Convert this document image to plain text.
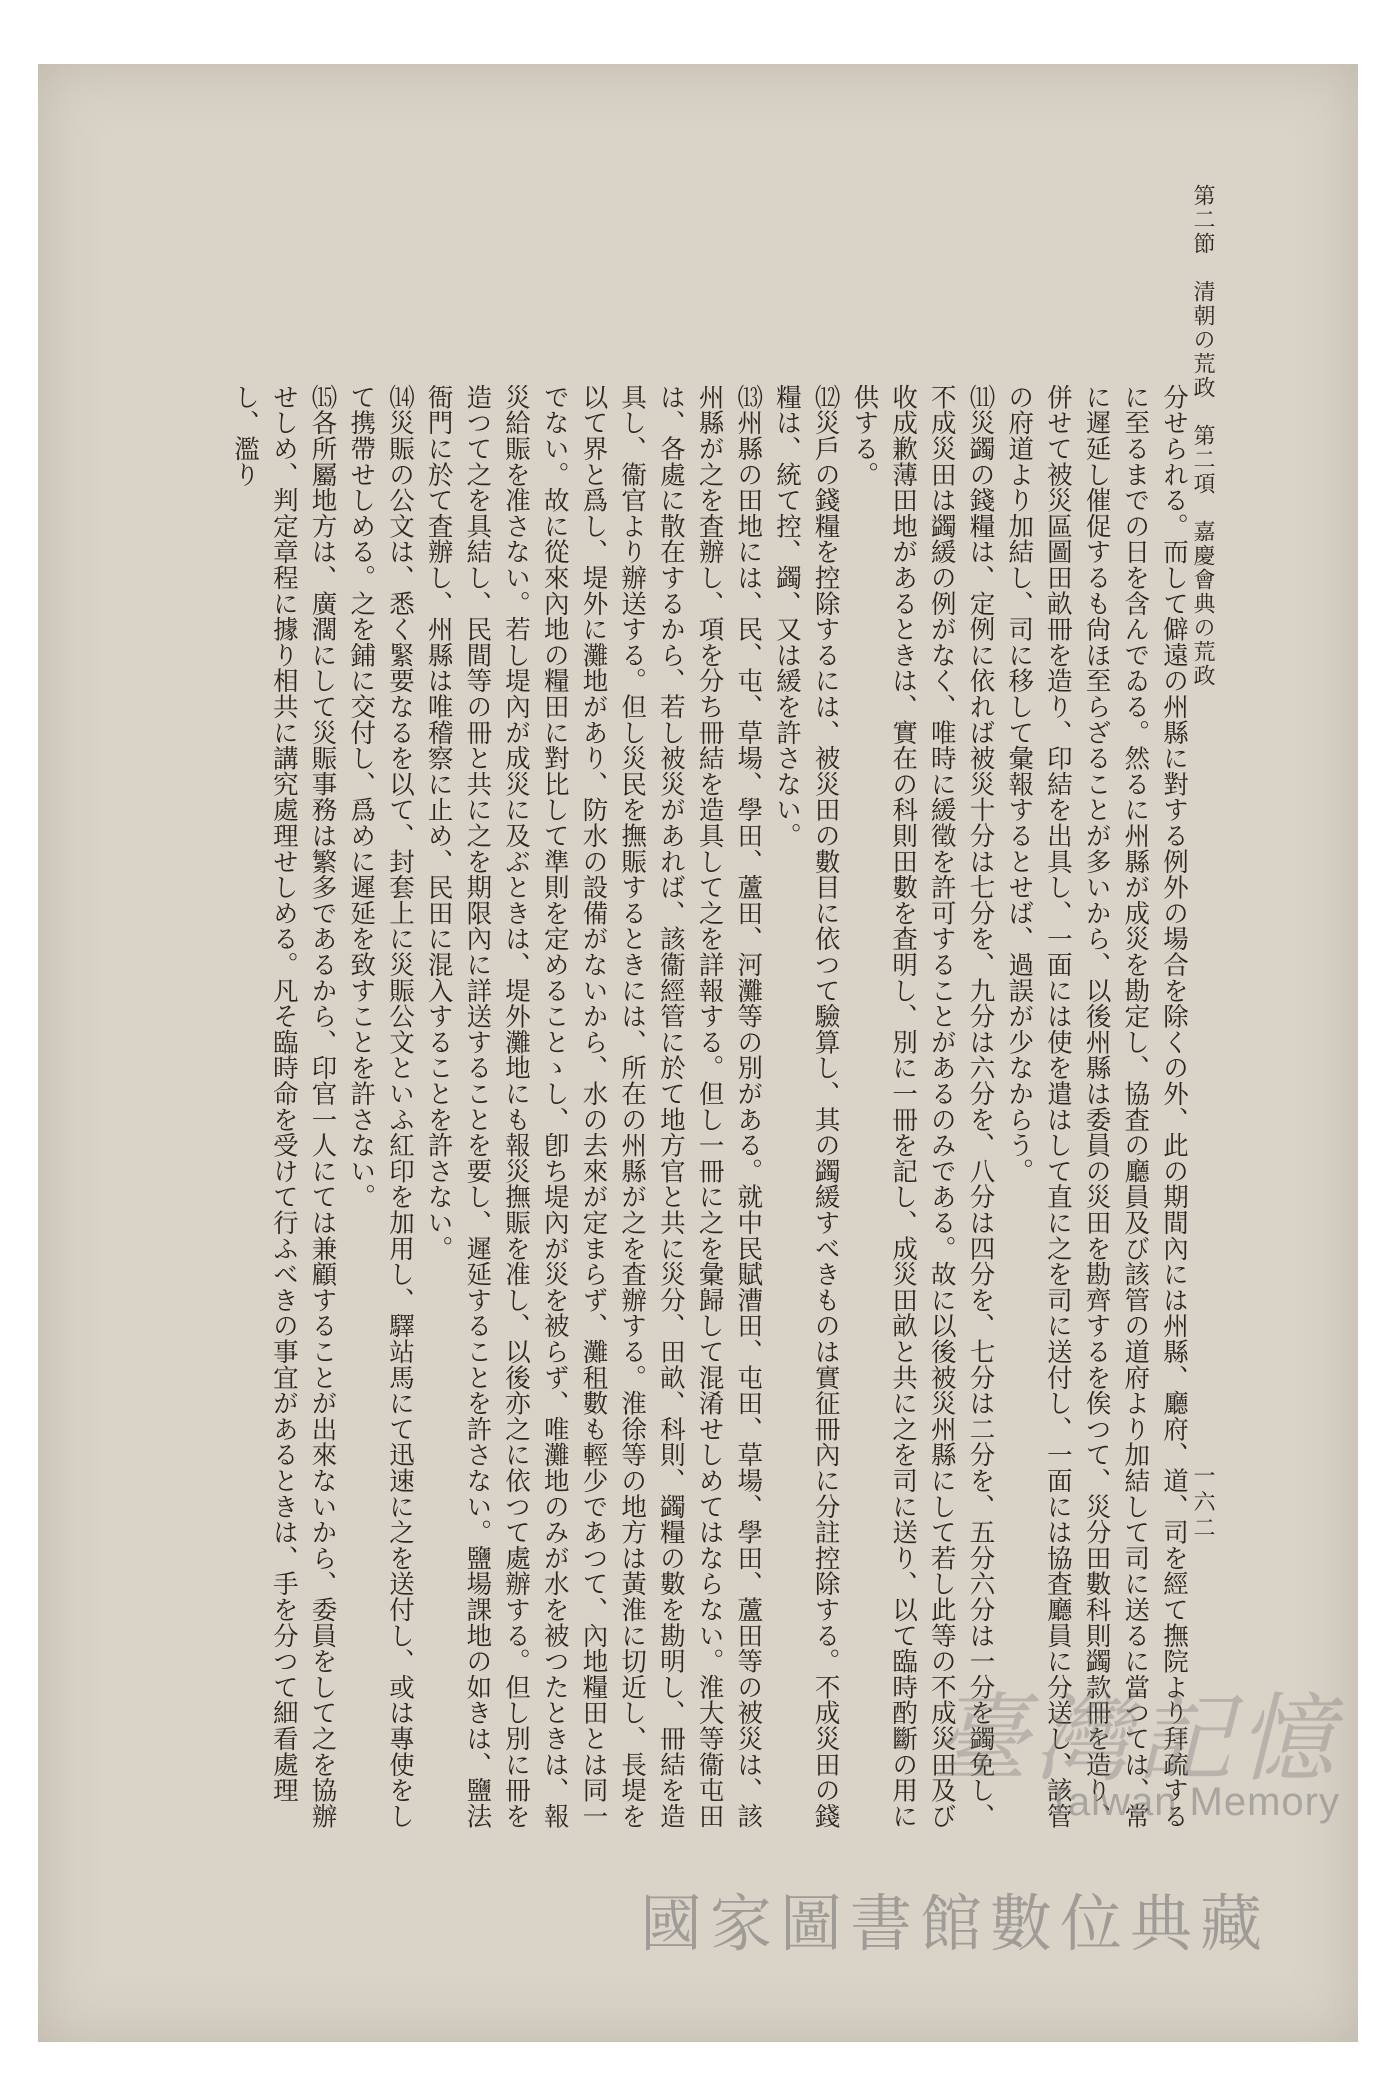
第二節　清朝の荒政　第二項　嘉慶會典の荒政
一六二

分せられる。而して僻遠の州縣に對する例外の場合を除くの外、此の期間內には州縣、廳府、道、司を經て撫院より拜疏するに至るまでの日を含んでゐる。然るに州縣が成災を勘定し、協査の廳員及び該管の道府より加結して司に送るに當つては、常に遲延し催促するも尙ほ至らざることが多いから、以後州縣は委員の災田を勘齊するを俟つて、災分田數科則蠲款冊を造り、併せて被災區圖田畝冊を造り、印結を出具し、一面には使を遣はして直に之を司に送付し、一面には協査廳員に分送し、該管の府道より加結し、司に移して彙報するとせば、過誤が少なからう。

⑾災蠲の錢糧は、定例に依れば被災十分は七分を、九分は六分を、八分は四分を、七分は二分を、五分六分は一分を蠲免し、不成災田は蠲緩の例がなく、唯時に緩徵を許可することがあるのみである。故に以後被災州縣にして若し此等の不成災田及び收成歉薄田地があるときは、實在の科則田數を査明し、別に一冊を記し、成災田畝と共に之を司に送り、以て臨時酌斷の用に供する。

⑿災戶の錢糧を控除するには、被災田の數目に依つて驗算し、其の蠲緩すべきものは實征冊內に分註控除する。不成災田の錢糧は、統て控、蠲、又は緩を許さない。

⒀州縣の田地には、民、屯、草場、學田、蘆田、河灘等の別がある。就中民賦漕田、屯田、草場、學田、蘆田等の被災は、該州縣が之を査辦し、項を分ち冊結を造具して之を詳報する。但し一冊に之を彙歸して混淆せしめてはならない。淮大等衞屯田は、各處に散在するから、若し被災があれば、該衞經管に於て地方官と共に災分、田畝、科則、蠲糧の數を勘明し、冊結を造具し、衞官より辦送する。但し災民を撫賑するときには、所在の州縣が之を査辦する。淮徐等の地方は黃淮に切近し、長堤を以て界と爲し、堤外に灘地があり、防水の設備がないから、水の去來が定まらず、灘租數も輕少であつて、內地糧田とは同一でない。故に從來內地の糧田に對比して準則を定めることゝし、卽ち堤內が災を被らず、唯灘地のみが水を被つたときは、報災給賑を准さない。若し堤內が成災に及ぶときは、堤外灘地にも報災撫賑を准し、以後亦之に依つて處辦する。但し別に冊を造つて之を具結し、民間等の冊と共に之を期限內に詳送することを要し、遲延することを許さない。鹽場課地の如きは、鹽法衙門に於て査辦し、州縣は唯稽察に止め、民田に混入することを許さない。

⒁災賑の公文は、悉く緊要なるを以て、封套上に災賑公文といふ紅印を加用し、驛站馬にて迅速に之を送付し、或は專使をして携帶せしめる。之を鋪に交付し、爲めに遲延を致すことを許さない。

⒂各所屬地方は、廣濶にして災賑事務は繁多であるから、印官一人にては兼顧することが出來ないから、委員をして之を協辦せしめ、判定章程に據り相共に講究處理せしめる。凡そ臨時命を受けて行ふべきの事宜があるときは、手を分つて細看處理し、濫り

臺灣記憶
Taiwan Memory
國家圖書館數位典藏
